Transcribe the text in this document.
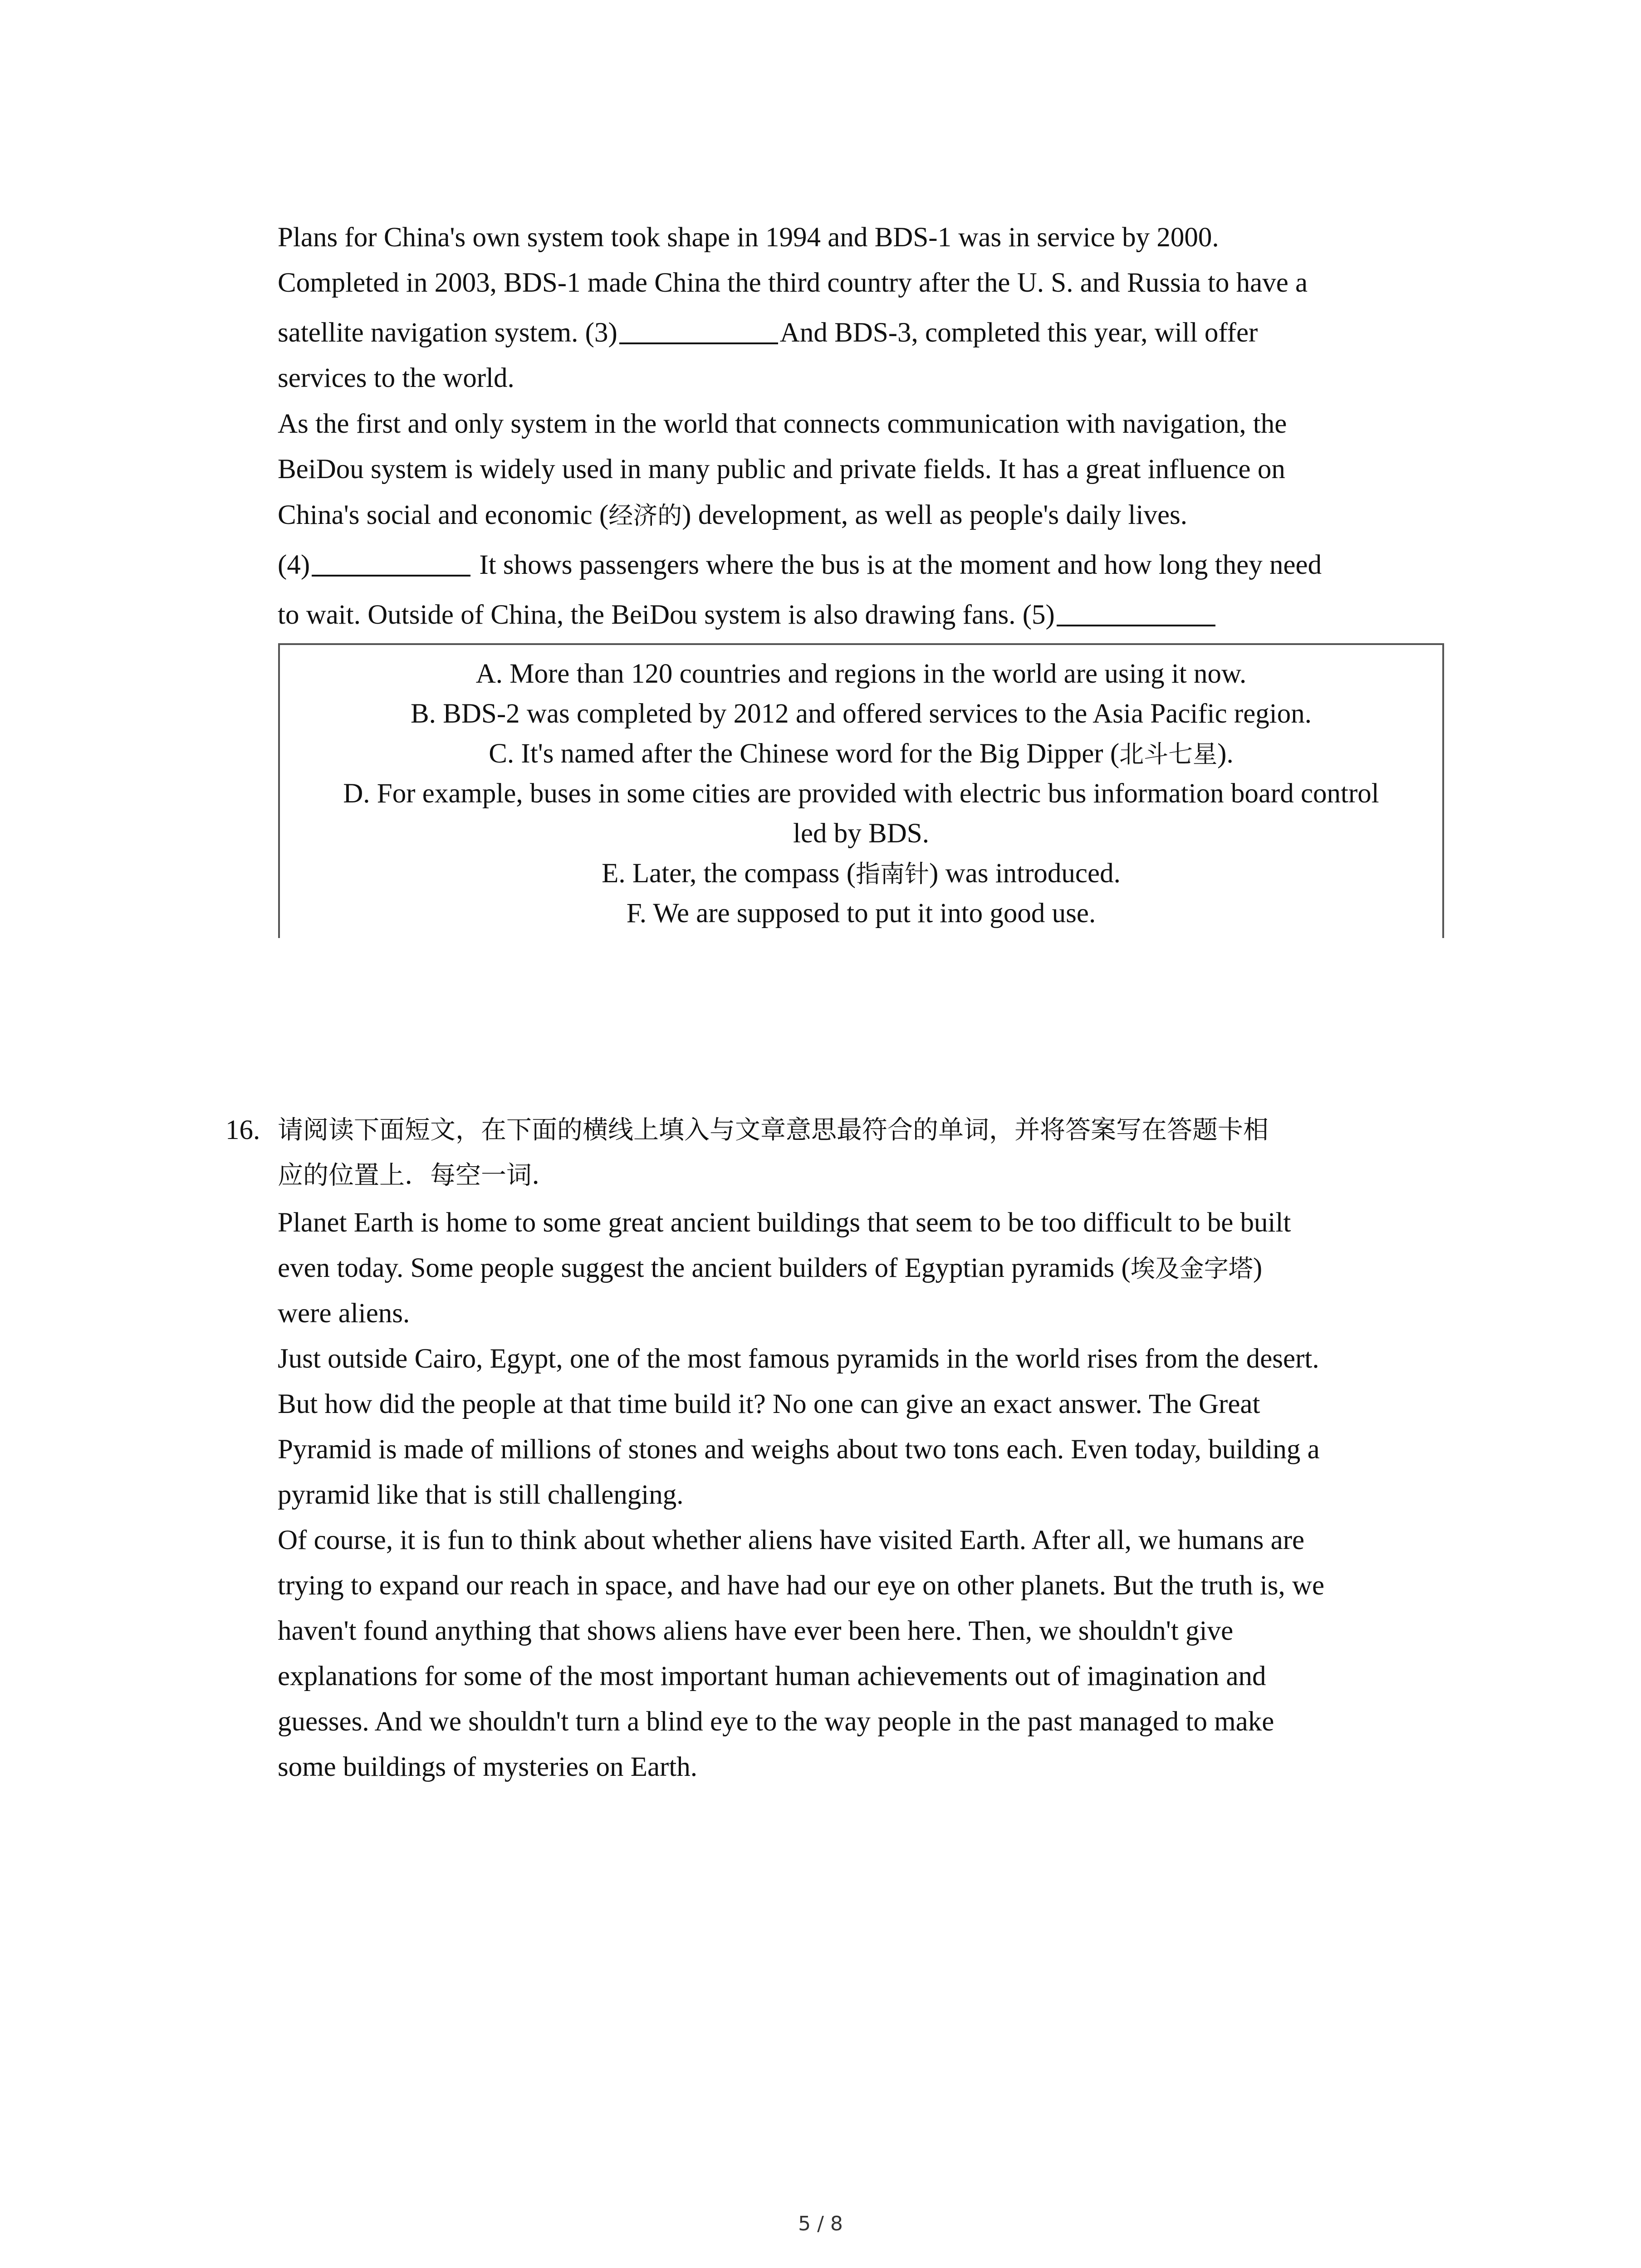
Plans for China's own system took shape in 1994 and BDS-1 was in service by 2000.

Completed in 2003, BDS-1 made China the third country after the U. S. and Russia to have a

satellite navigation system. (3)	And BDS-3, completed this year, will offer

services to the world.

As the first and only system in the world that connects communication with navigation, the

BeiDou system is widely used in many public and private fields. It has a great influence on

China's social and economic (经济的) development, as well as people's daily lives.

(4)	It shows passengers where the bus is at the moment and how long they need

to wait. Outside of China, the BeiDou system is also drawing fans. (5)

A. More than 120 countries and regions in the world are using it now.
B. BDS-2 was completed by 2012 and offered services to the Asia Pacific region.
C. It's named after the Chinese word for the Big Dipper (北斗七星).
D. For example, buses in some cities are provided with electric bus information board control
led by BDS.
E. Later, the compass (指南针) was introduced.
F. We are supposed to put it into good use.
16. 请阅读下面短文，在下面的横线上填入与文章意思最符合的单词，并将答案写在答题卡相

应的位置上．每空一词．

Planet Earth is home to some great ancient buildings that seem to be too difficult to be built

even today. Some people suggest the ancient builders of Egyptian pyramids (埃及金字塔)

were aliens.

Just outside Cairo, Egypt, one of the most famous pyramids in the world rises from the desert.

But how did the people at that time build it? No one can give an exact answer. The Great

Pyramid is made of millions of stones and weighs about two tons each. Even today, building a

pyramid like that is still challenging.

Of course, it is fun to think about whether aliens have visited Earth. After all, we humans are

trying to expand our reach in space, and have had our eye on other planets. But the truth is, we

haven't found anything that shows aliens have ever been here. Then, we shouldn't give

explanations for some of the most important human achievements out of imagination and

guesses. And we shouldn't turn a blind eye to the way people in the past managed to make

some buildings of mysteries on Earth.

5 / 8
